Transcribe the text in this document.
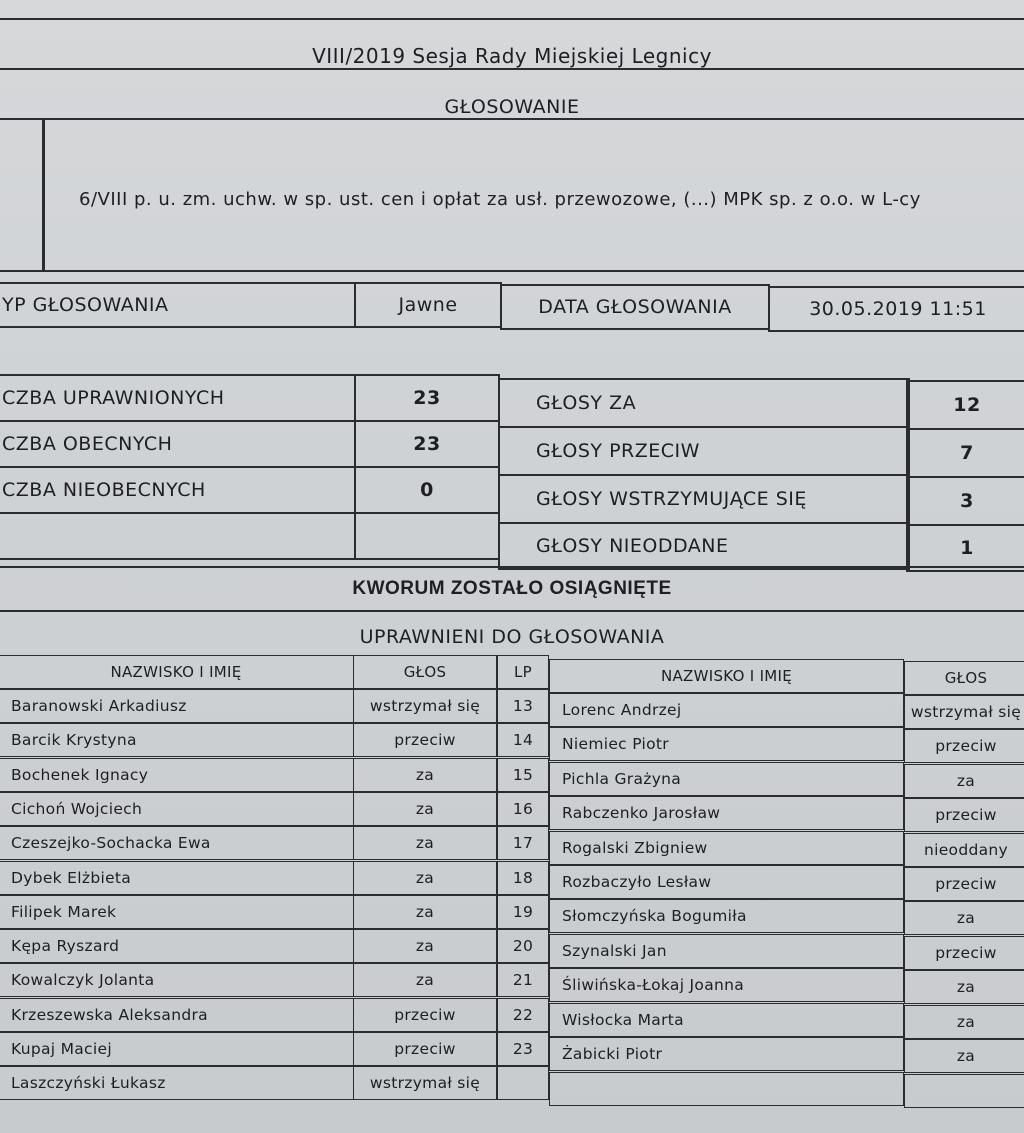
VIII/2019 Sesja Rady Miejskiej Legnicy
GŁOSOWANIE
6/VIII p. u. zm. uchw. w sp. ust. cen i opłat za usł. przewozowe, (...) MPK sp. z o.o. w L-cy
YP GŁOSOWANIA	Jawne	DATA GŁOSOWANIA	30.05.2019 11:51
CZBA UPRAWNIONYCH	23
CZBA OBECNYCH	23
CZBA NIEOBECNYCH	0
GŁOSY ZA	12
GŁOSY PRZECIW	7
GŁOSY WSTRZYMUJĄCE SIĘ	3
GŁOSY NIEODDANE	1
KWORUM ZOSTAŁO OSIĄGNIĘTE
UPRAWNIENI DO GŁOSOWANIA
NAZWISKO I IMIĘ	GŁOS	LP	NAZWISKO I IMIĘ	GŁOS
Baranowski Arkadiusz	wstrzymał się	13	Lorenc Andrzej	wstrzymał się
Barcik Krystyna	przeciw	14	Niemiec Piotr	przeciw
Bochenek Ignacy	za	15	Pichla Grażyna	za
Cichoń Wojciech	za	16	Rabczenko Jarosław	przeciw
Czeszejko-Sochacka Ewa	za	17	Rogalski Zbigniew	nieoddany
Dybek Elżbieta	za	18	Rozbaczyło Lesław	przeciw
Filipek Marek	za	19	Słomczyńska Bogumiła	za
Kępa Ryszard	za	20	Szynalski Jan	przeciw
Kowalczyk Jolanta	za	21	Śliwińska-Łokaj Joanna	za
Krzeszewska Aleksandra	przeciw	22	Wisłocka Marta	za
Kupaj Maciej	przeciw	23	Żabicki Piotr	za
Laszczyński Łukasz	wstrzymał się
